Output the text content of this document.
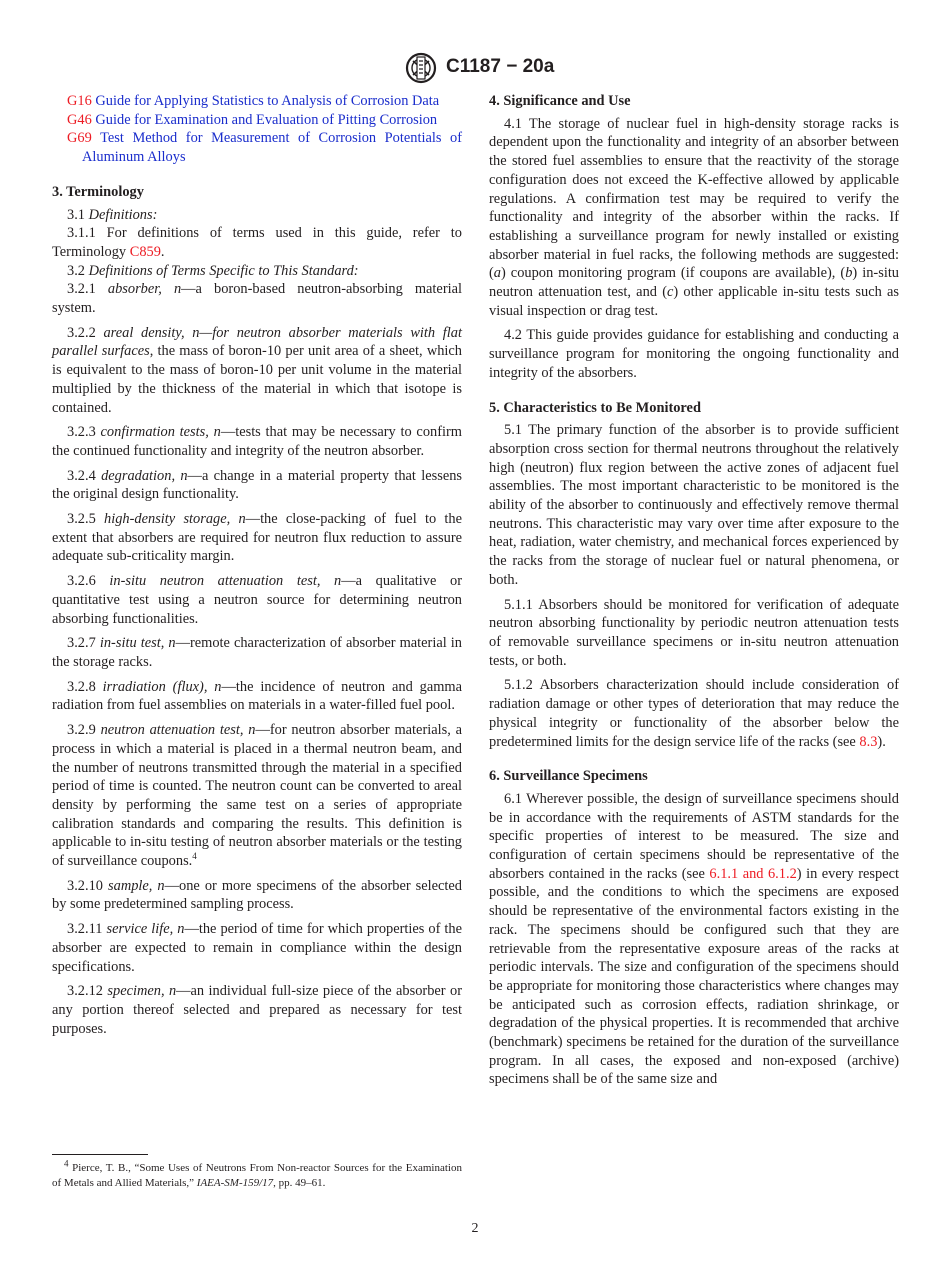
C1187 − 20a

G16 Guide for Applying Statistics to Analysis of Corrosion Data

G46 Guide for Examination and Evaluation of Pitting Corrosion

G69 Test Method for Measurement of Corrosion Potentials of Aluminum Alloys

3. Terminology

3.1 Definitions:

3.1.1 For definitions of terms used in this guide, refer to Terminology C859.

3.2 Definitions of Terms Specific to This Standard:

3.2.1 absorber, n—a boron-based neutron-absorbing material system.

3.2.2 areal density, n—for neutron absorber materials with flat parallel surfaces, the mass of boron-10 per unit area of a sheet, which is equivalent to the mass of boron-10 per unit volume in the material multiplied by the thickness of the material in which that isotope is contained.

3.2.3 confirmation tests, n—tests that may be necessary to confirm the continued functionality and integrity of the neutron absorber.

3.2.4 degradation, n—a change in a material property that lessens the original design functionality.

3.2.5 high-density storage, n—the close-packing of fuel to the extent that absorbers are required for neutron flux reduction to assure adequate sub-criticality margin.

3.2.6 in-situ neutron attenuation test, n—a qualitative or quantitative test using a neutron source for determining neutron absorbing functionalities.

3.2.7 in-situ test, n—remote characterization of absorber material in the storage racks.

3.2.8 irradiation (flux), n—the incidence of neutron and gamma radiation from fuel assemblies on materials in a water-filled fuel pool.

3.2.9 neutron attenuation test, n—for neutron absorber materials, a process in which a material is placed in a thermal neutron beam, and the number of neutrons transmitted through the material in a specified period of time is counted. The neutron count can be converted to areal density by performing the same test on a series of appropriate calibration standards and comparing the results. This definition is applicable to in-situ testing of neutron absorber materials or the testing of surveillance coupons.$^4$

3.2.10 sample, n—one or more specimens of the absorber selected by some predetermined sampling process.

3.2.11 service life, n—the period of time for which properties of the absorber are expected to remain in compliance within the design specifications.

3.2.12 specimen, n—an individual full-size piece of the absorber or any portion thereof selected and prepared as necessary for test purposes.

4. Significance and Use

4.1 The storage of nuclear fuel in high-density storage racks is dependent upon the functionality and integrity of an absorber between the stored fuel assemblies to ensure that the reactivity of the storage configuration does not exceed the K-effective allowed by applicable regulations. A confirmation test may be required to verify the functionality and integrity of the absorber within the racks. If establishing a surveillance program for newly installed or existing absorber material in fuel racks, the following methods are suggested: (a) coupon monitoring program (if coupons are available), (b) in-situ neutron attenuation test, and (c) other applicable in-situ tests such as visual inspection or drag test.

4.2 This guide provides guidance for establishing and conducting a surveillance program for monitoring the ongoing functionality and integrity of the absorbers.

5. Characteristics to Be Monitored

5.1 The primary function of the absorber is to provide sufficient absorption cross section for thermal neutrons throughout the relatively high (neutron) flux region between the active zones of adjacent fuel assemblies. The most important characteristic to be monitored is the ability of the absorber to continuously and effectively remove thermal neutrons. This characteristic may vary over time after exposure to the heat, radiation, water chemistry, and mechanical forces experienced by the racks from the storage of nuclear fuel or natural phenomena, or both.

5.1.1 Absorbers should be monitored for verification of adequate neutron absorbing functionality by periodic neutron attenuation tests of removable surveillance specimens or in-situ neutron attenuation tests, or both.

5.1.2 Absorbers characterization should include consideration of radiation damage or other types of deterioration that may reduce the physical integrity or functionality of the absorber below the predetermined limits for the design service life of the racks (see 8.3).

6. Surveillance Specimens

6.1 Wherever possible, the design of surveillance specimens should be in accordance with the requirements of ASTM standards for the specific properties of interest to be measured. The size and configuration of certain specimens should be representative of the absorbers contained in the racks (see 6.1.1 and 6.1.2) in every respect possible, and the conditions to which the specimens are exposed should be representative of the environmental factors existing in the rack. The specimens should be configured such that they are retrievable from the representative exposure areas of the racks at periodic intervals. The size and configuration of the specimens should be appropriate for monitoring those characteristics where changes may be anticipated such as corrosion effects, radiation shrinkage, or degradation of the physical properties. It is recommended that archive (benchmark) specimens be retained for the duration of the surveillance program. In all cases, the exposed and non-exposed (archive) specimens shall be of the same size and

$^4$ Pierce, T. B., “Some Uses of Neutrons From Non-reactor Sources for the Examination of Metals and Allied Materials,” IAEA-SM-159/17, pp. 49–61.
2
